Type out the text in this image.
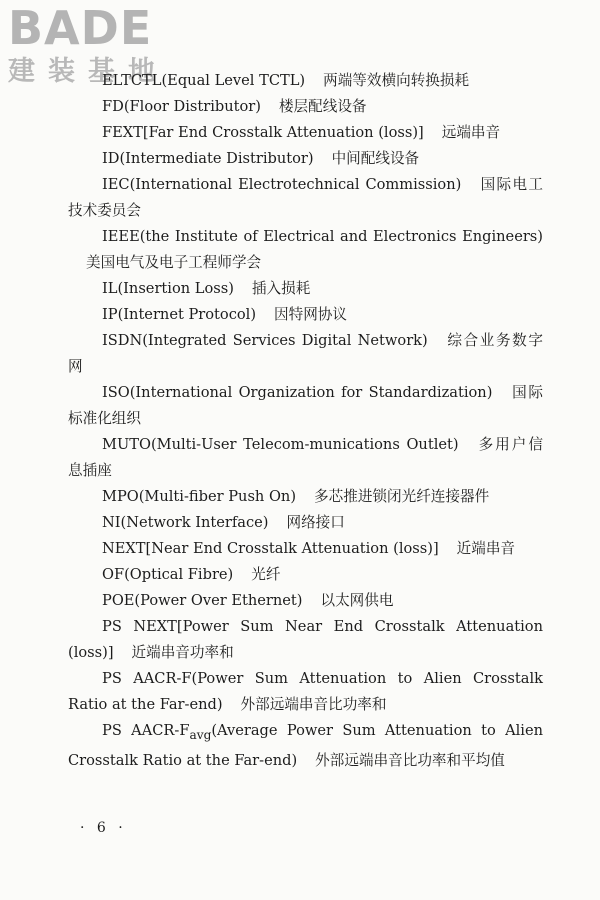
BADE
建装基地
ELTCTL(Equal Level TCTL) 两端等效横向转换损耗
FD(Floor Distributor) 楼层配线设备
FEXT[Far End Crosstalk Attenuation (loss)] 远端串音
ID(Intermediate Distributor) 中间配线设备
IEC(International Electrotechnical Commission) 国际电工技术委员会
IEEE(the Institute of Electrical and Electronics Engineers)美国电气及电子工程师学会
IL(Insertion Loss) 插入损耗
IP(Internet Protocol) 因特网协议
ISDN(Integrated Services Digital Network) 综合业务数字网
ISO(International Organization for Standardization) 国际标准化组织
MUTO(Multi-User Telecom-munications Outlet) 多用户信息插座
MPO(Multi-fiber Push On) 多芯推进锁闭光纤连接器件
NI(Network Interface) 网络接口
NEXT[Near End Crosstalk Attenuation (loss)] 近端串音
OF(Optical Fibre) 光纤
POE(Power Over Ethernet) 以太网供电
PS NEXT[Power Sum Near End Crosstalk Attenuation (loss)] 近端串音功率和
PS AACR-F(Power Sum Attenuation to Alien Crosstalk Ratio at the Far-end) 外部远端串音比功率和
PS AACR-$F_{avg}(Average$ Power Sum Attenuation to Alien Crosstalk Ratio at the Far-end) 外部远端串音比功率和平均值
· 6 ·
